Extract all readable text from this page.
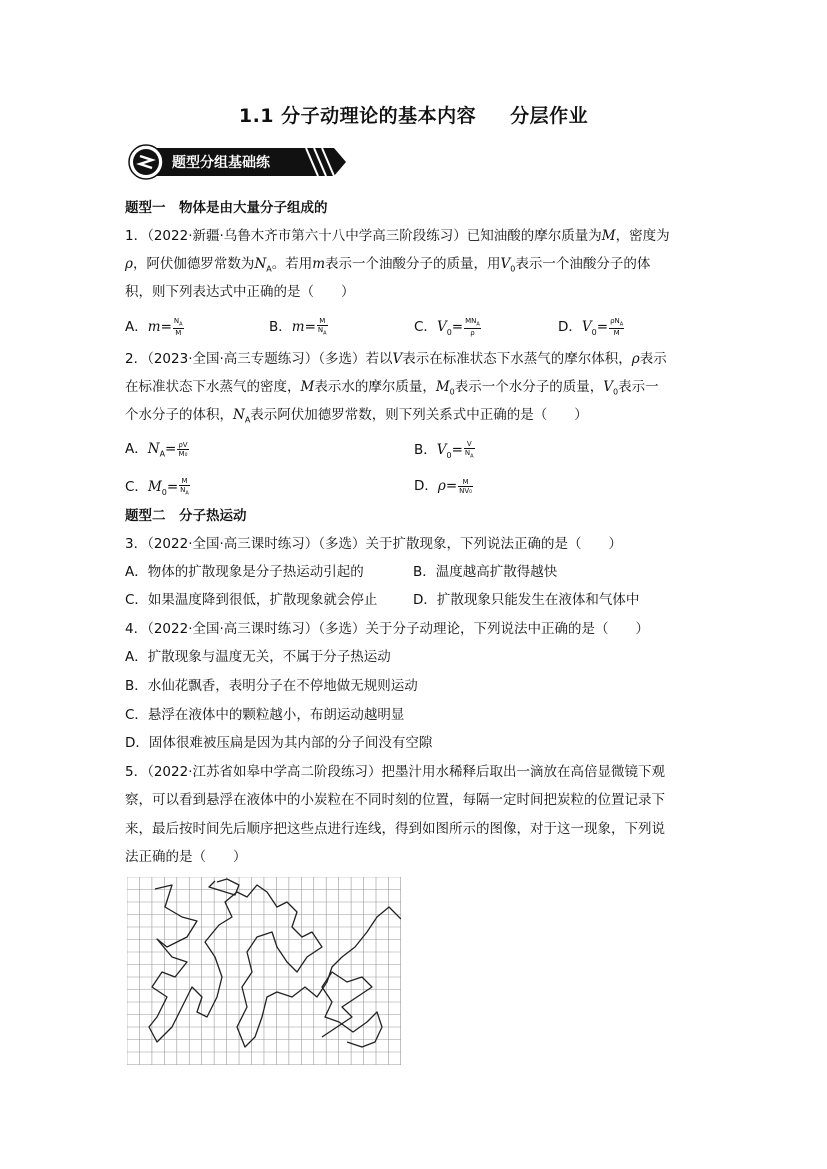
1.1 分子动理论的基本内容 分层作业
题型分组基础练
题型一　物体是由大量分子组成的
1．（2022·新疆·乌鲁木齐市第六十八中学高三阶段练习）已知油酸的摩尔质量为M，密度为
ρ，阿伏伽德罗常数为$N_A$。若用m表示一个油酸分子的质量，用$V_0$表示一个油酸分子的体
积，则下列表达式中正确的是（　　）
A．$m= \frac{N_A}{M}$	B．$m= \frac{M}{N_A}$	C．$V_0= \frac{MN_A}{\rho}$	D．$V_0= \frac{\rho N_A}{M}$
2．（2023·全国·高三专题练习）（多选）若以V表示在标准状态下水蒸气的摩尔体积，ρ表示
在标准状态下水蒸气的密度，M表示水的摩尔质量，$M_0$表示一个水分子的质量，$V_0$表示一
个水分子的体积，$N_A$表示阿伏加德罗常数，则下列关系式中正确的是（　　）
A．$N_A= \frac{\rho V}{\text{M₀}}$	B．$V_0= \frac{V}{N_A}$
C．$M_0= \frac{M}{N_A}$	D．$\rho= \frac{M}{\text{NV₀}}$
题型二　分子热运动
3．（2022·全国·高三课时练习）（多选）关于扩散现象，下列说法正确的是（　　）
A．物体的扩散现象是分子热运动引起的	B．温度越高扩散得越快
C．如果温度降到很低，扩散现象就会停止	D．扩散现象只能发生在液体和气体中
4．（2022·全国·高三课时练习）（多选）关于分子动理论，下列说法中正确的是（　　）
A．扩散现象与温度无关，不属于分子热运动
B．水仙花飘香，表明分子在不停地做无规则运动
C．悬浮在液体中的颗粒越小，布朗运动越明显
D．固体很难被压扁是因为其内部的分子间没有空隙
5．（2022·江苏省如皋中学高二阶段练习）把墨汁用水稀释后取出一滴放在高倍显微镜下观
察，可以看到悬浮在液体中的小炭粒在不同时刻的位置，每隔一定时间把炭粒的位置记录下
来，最后按时间先后顺序把这些点进行连线，得到如图所示的图像，对于这一现象，下列说
法正确的是（　　）
